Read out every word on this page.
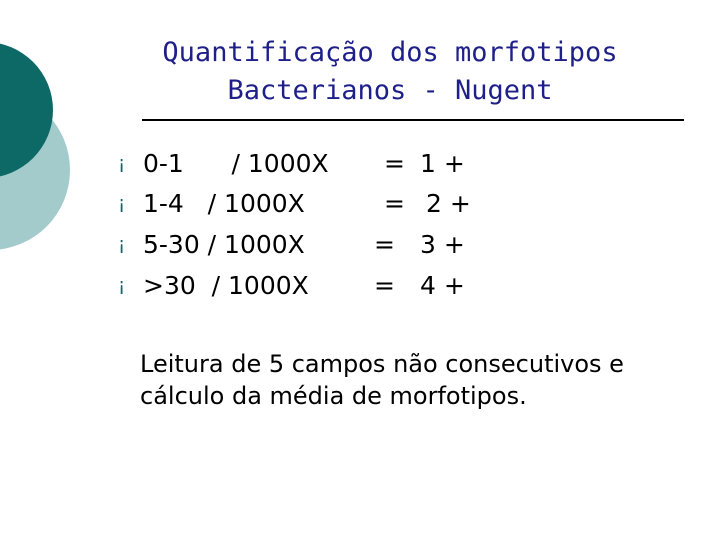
Quantificação dos morfotipos
Bacterianos - Nugent
¡ 0-1      / 1000X = 1 +
¡ 1-4   / 1000X	= 2 +
¡ 5-30 / 1000X	= 3 +
¡ >30  / 1000X	= 4 +
Leitura de 5 campos não consecutivos e
cálculo da média de morfotipos.
